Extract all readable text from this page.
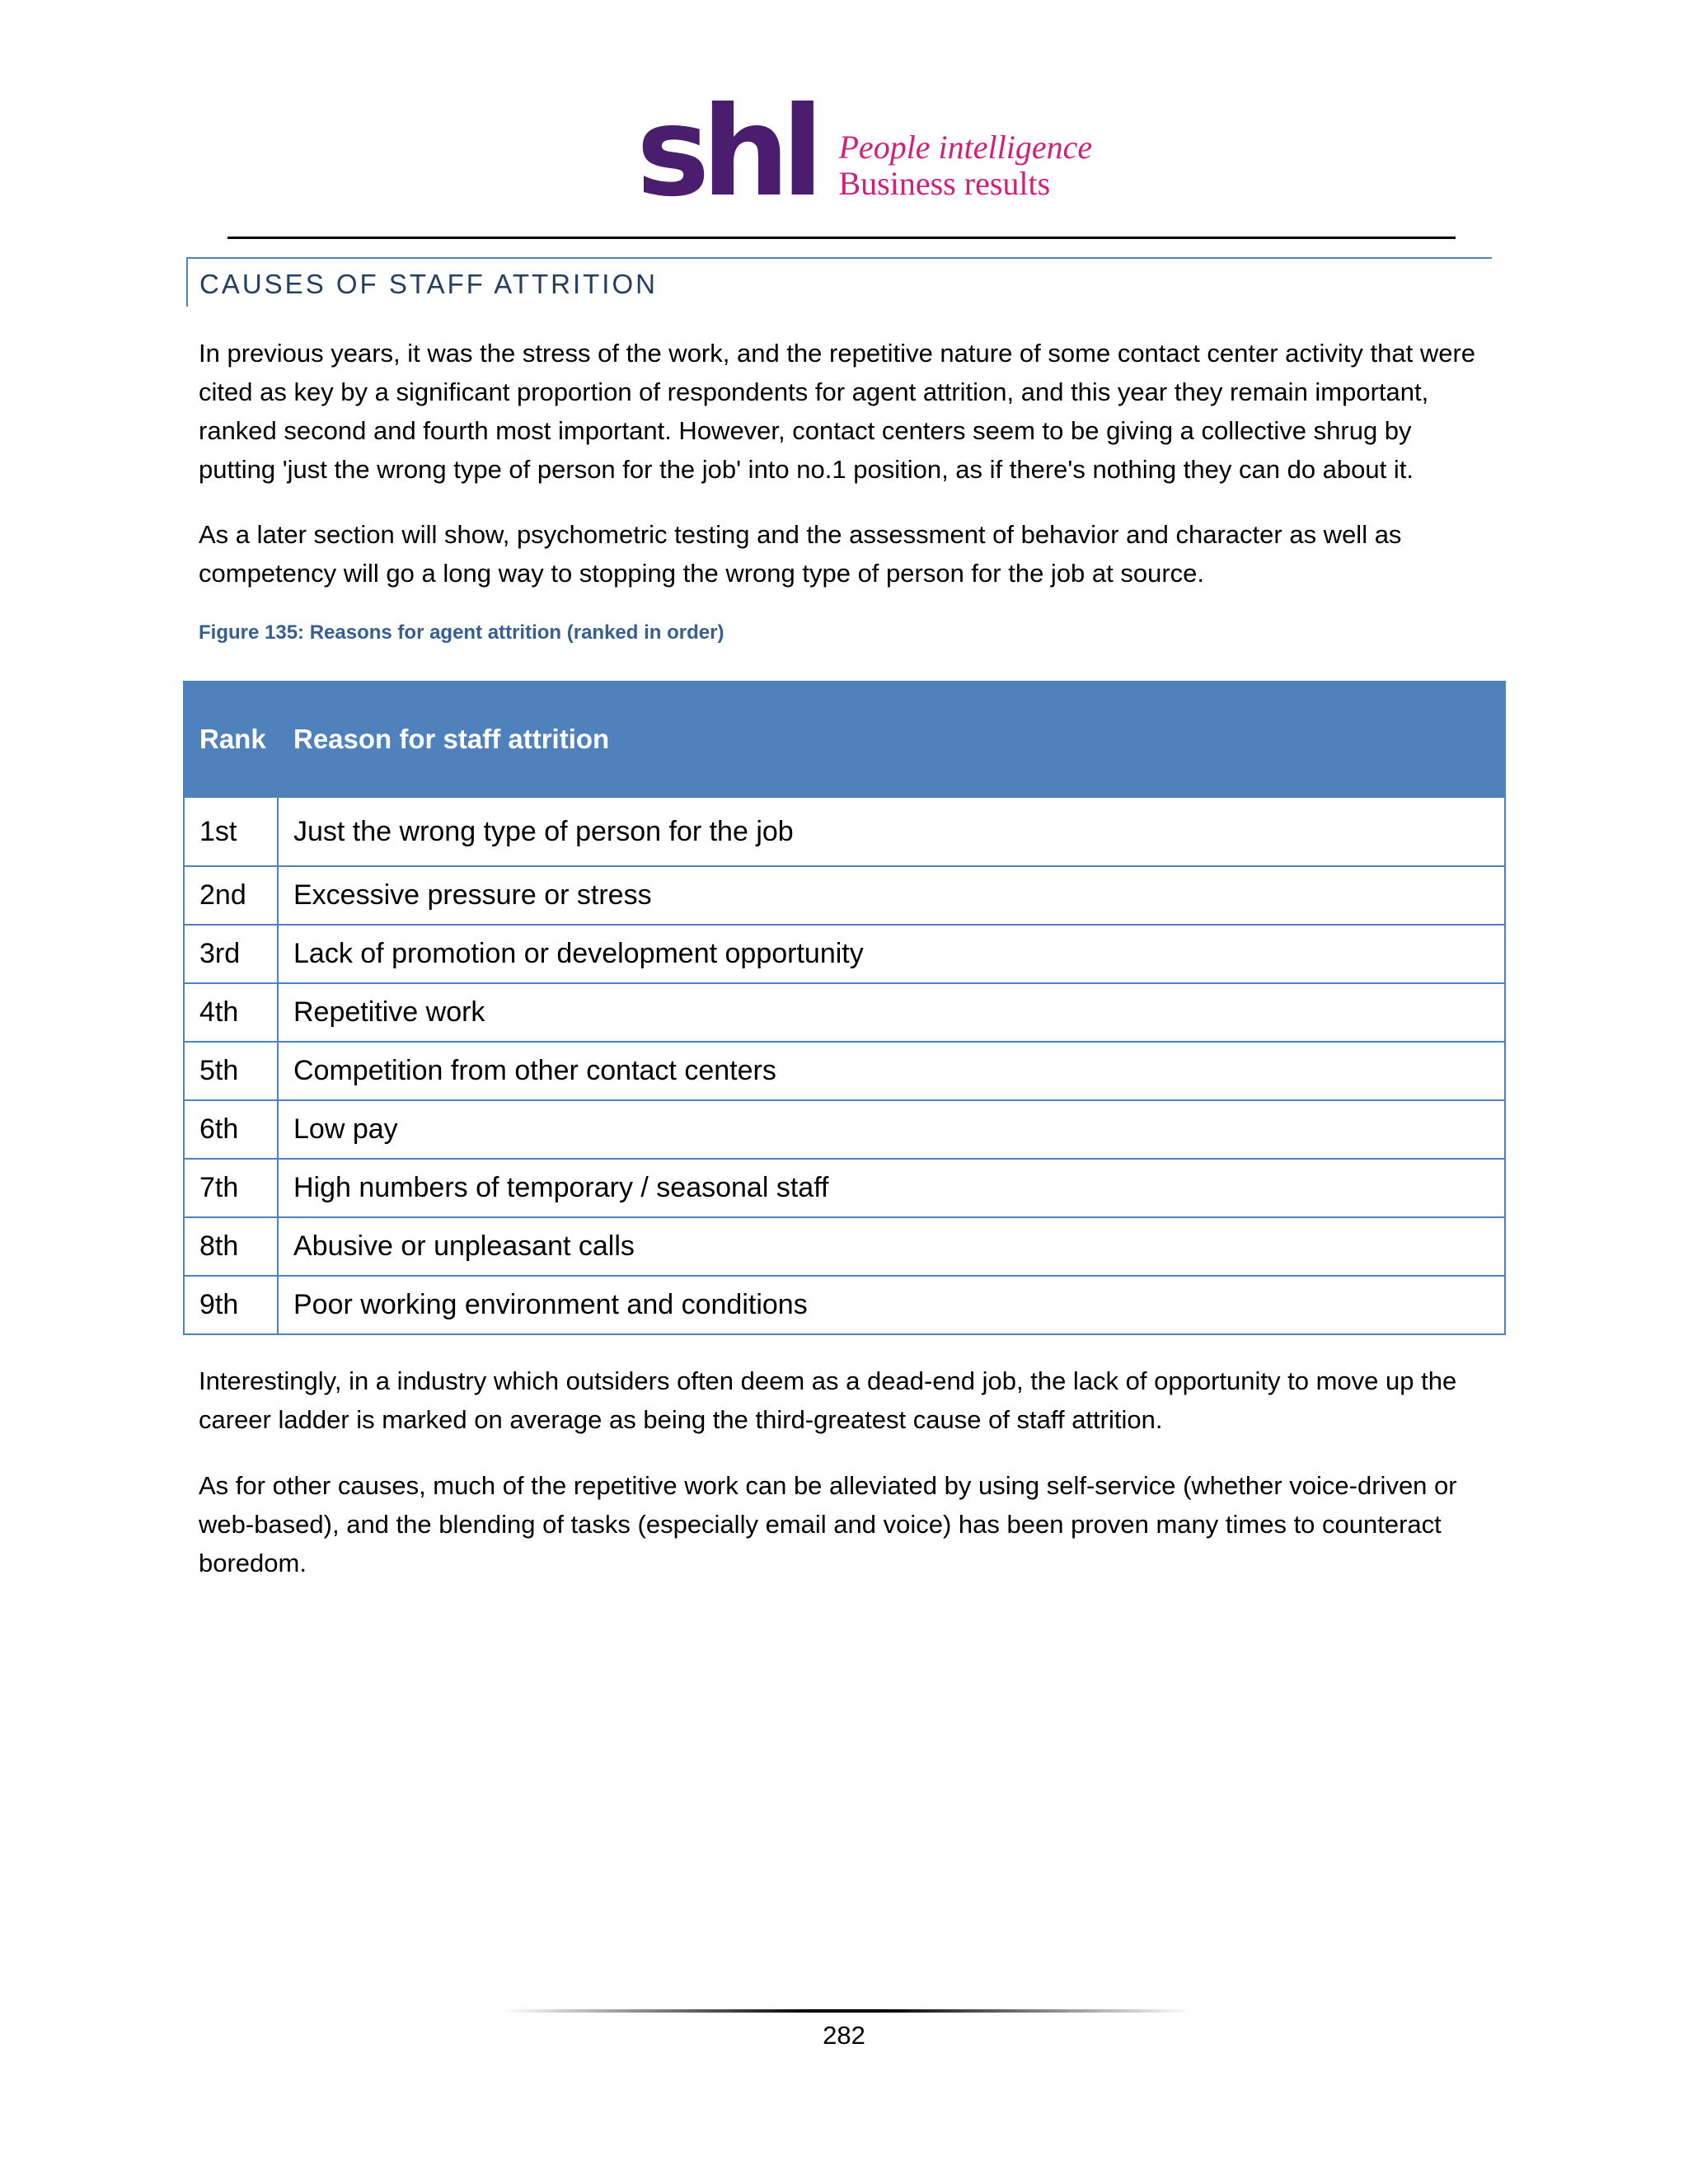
shl People intelligence
Business results
CAUSES OF STAFF ATTRITION

In previous years, it was the stress of the work, and the repetitive nature of some contact center activity that were cited as key by a significant proportion of respondents for agent attrition, and this year they remain important, ranked second and fourth most important. However, contact centers seem to be giving a collective shrug by putting 'just the wrong type of person for the job' into no.1 position, as if there's nothing they can do about it.

As a later section will show, psychometric testing and the assessment of behavior and character as well as competency will go a long way to stopping the wrong type of person for the job at source.

Figure 135: Reasons for agent attrition (ranked in order)
Rank	Reason for staff attrition
1st	Just the wrong type of person for the job
2nd	Excessive pressure or stress
3rd	Lack of promotion or development opportunity
4th	Repetitive work
5th	Competition from other contact centers
6th	Low pay
7th	High numbers of temporary / seasonal staff
8th	Abusive or unpleasant calls
9th	Poor working environment and conditions

Interestingly, in a industry which outsiders often deem as a dead-end job, the lack of opportunity to move up the career ladder is marked on average as being the third-greatest cause of staff attrition.

As for other causes, much of the repetitive work can be alleviated by using self-service (whether voice-driven or web-based), and the blending of tasks (especially email and voice) has been proven many times to counteract boredom.

282
